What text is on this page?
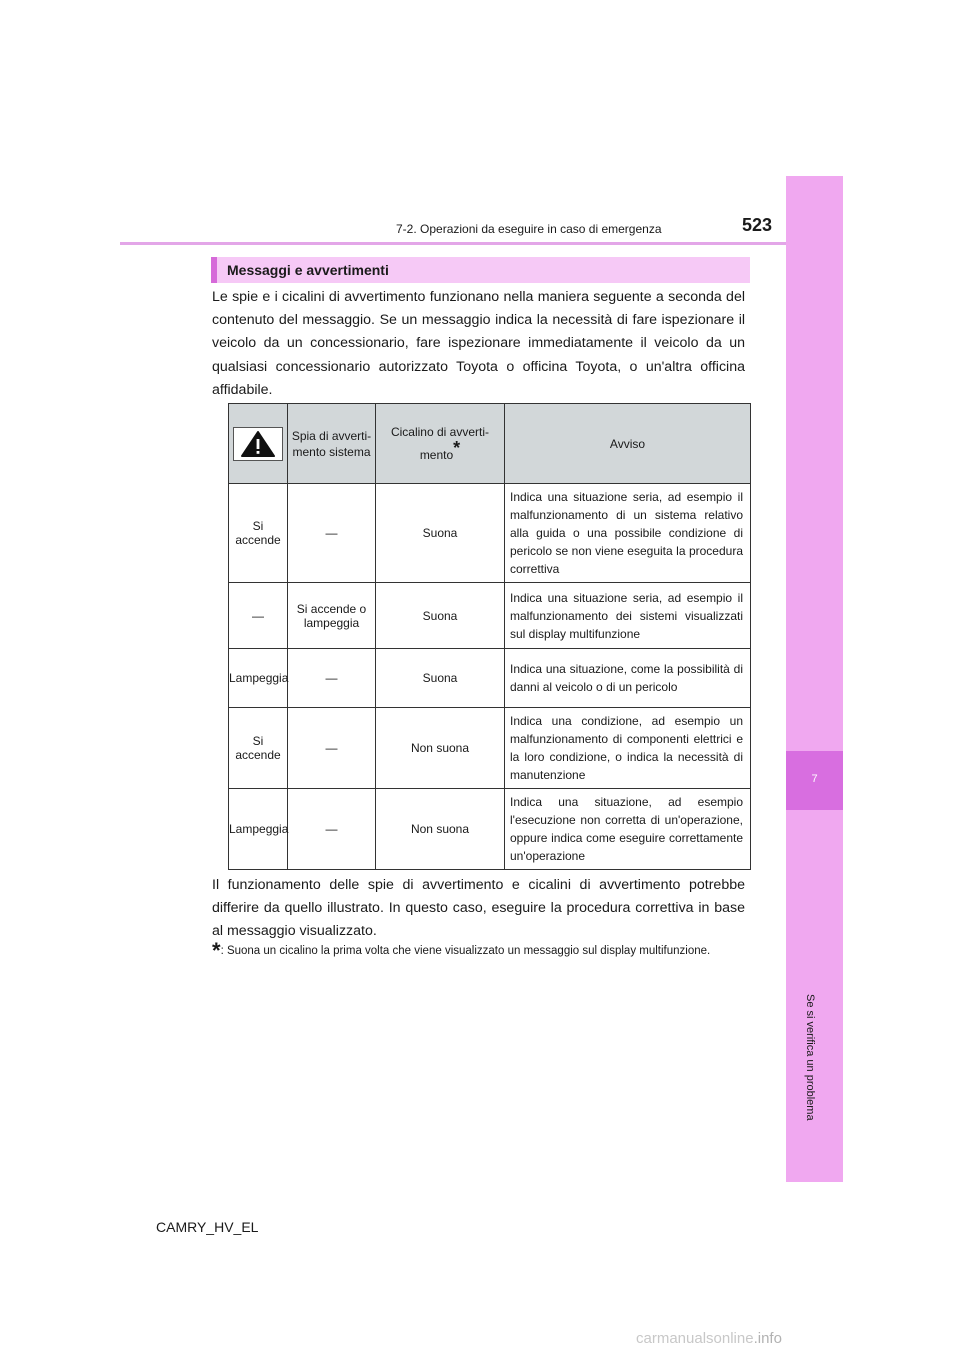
7
Se si verifica un problema
7-2. Operazioni da eseguire in caso di emergenza	523
Messaggi e avvertimenti

Le spie e i cicalini di avvertimento funzionano nella maniera seguente a seconda del contenuto del messaggio. Se un messaggio indica la necessità di fare ispezionare il veicolo da un concessionario, fare ispezionare immediatamente il veicolo da un qualsiasi concessionario autorizzato Toyota o officina Toyota, o un'altra officina affidabile.

	Spia di avverti-mento sistema	Cicalino di avverti-mento*	Avviso
Si accende	—	Suona	Indica una situazione seria, ad esempio il malfunzionamento di un sistema relativo alla guida o una possibile condizione di pericolo se non viene eseguita la procedura correttiva
—	Si accende o lampeggia	Suona	Indica una situazione seria, ad esempio il malfunzionamento dei sistemi visualizzati sul display multifunzione
Lampeggia	—	Suona	Indica una situazione, come la possibilità di danni al veicolo o di un pericolo
Si accende	—	Non suona	Indica una condizione, ad esempio un malfunzionamento di componenti elettrici e la loro condizione, o indica la necessità di manutenzione
Lampeggia	—	Non suona	Indica una situazione, ad esempio l'esecuzione non corretta di un'operazione, oppure indica come eseguire correttamente un'operazione

Il funzionamento delle spie di avvertimento e cicalini di avvertimento potrebbe differire da quello illustrato. In questo caso, eseguire la procedura correttiva in base al messaggio visualizzato.

*: Suona un cicalino la prima volta che viene visualizzato un messaggio sul display multifunzione.
CAMRY_HV_EL
carmanualsonline.info
